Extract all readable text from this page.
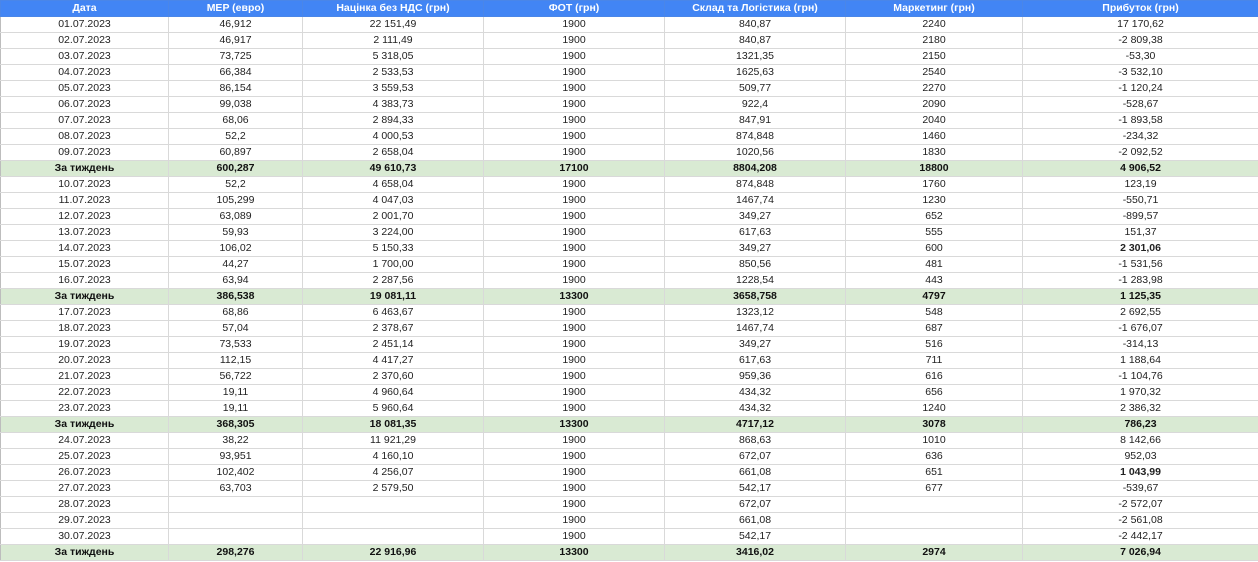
Дата	MEP (евро)	Націнка без НДС (грн)	ФОТ (грн)	Склад та Логістика (грн)	Маркетинг (грн)	Прибуток (грн)
01.07.2023	46,912	22 151,49	1900	840,87	2240	17 170,62
02.07.2023	46,917	2 111,49	1900	840,87	2180	-2 809,38
03.07.2023	73,725	5 318,05	1900	1321,35	2150	-53,30
04.07.2023	66,384	2 533,53	1900	1625,63	2540	-3 532,10
05.07.2023	86,154	3 559,53	1900	509,77	2270	-1 120,24
06.07.2023	99,038	4 383,73	1900	922,4	2090	-528,67
07.07.2023	68,06	2 894,33	1900	847,91	2040	-1 893,58
08.07.2023	52,2	4 000,53	1900	874,848	1460	-234,32
09.07.2023	60,897	2 658,04	1900	1020,56	1830	-2 092,52
За тиждень	600,287	49 610,73	17100	8804,208	18800	4 906,52
10.07.2023	52,2	4 658,04	1900	874,848	1760	123,19
11.07.2023	105,299	4 047,03	1900	1467,74	1230	-550,71
12.07.2023	63,089	2 001,70	1900	349,27	652	-899,57
13.07.2023	59,93	3 224,00	1900	617,63	555	151,37
14.07.2023	106,02	5 150,33	1900	349,27	600	2 301,06
15.07.2023	44,27	1 700,00	1900	850,56	481	-1 531,56
16.07.2023	63,94	2 287,56	1900	1228,54	443	-1 283,98
За тиждень	386,538	19 081,11	13300	3658,758	4797	1 125,35
17.07.2023	68,86	6 463,67	1900	1323,12	548	2 692,55
18.07.2023	57,04	2 378,67	1900	1467,74	687	-1 676,07
19.07.2023	73,533	2 451,14	1900	349,27	516	-314,13
20.07.2023	112,15	4 417,27	1900	617,63	711	1 188,64
21.07.2023	56,722	2 370,60	1900	959,36	616	-1 104,76
22.07.2023	19,11	4 960,64	1900	434,32	656	1 970,32
23.07.2023	19,11	5 960,64	1900	434,32	1240	2 386,32
За тиждень	368,305	18 081,35	13300	4717,12	3078	786,23
24.07.2023	38,22	11 921,29	1900	868,63	1010	8 142,66
25.07.2023	93,951	4 160,10	1900	672,07	636	952,03
26.07.2023	102,402	4 256,07	1900	661,08	651	1 043,99
27.07.2023	63,703	2 579,50	1900	542,17	677	-539,67
28.07.2023			1900	672,07		-2 572,07
29.07.2023			1900	661,08		-2 561,08
30.07.2023			1900	542,17		-2 442,17
За тиждень	298,276	22 916,96	13300	3416,02	2974	7 026,94
